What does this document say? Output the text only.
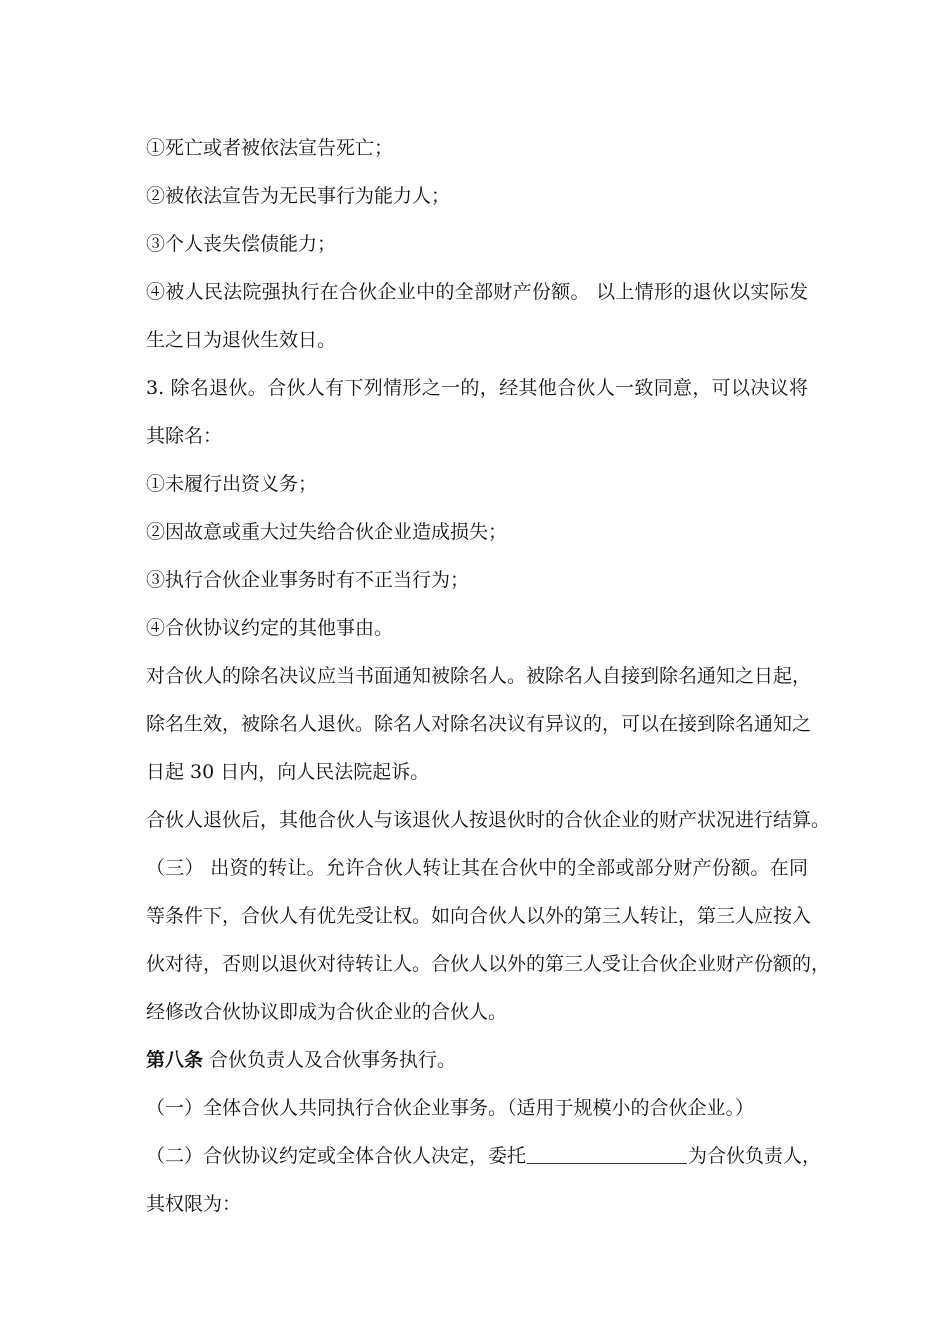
①死亡或者被依法宣告死亡；

②被依法宣告为无民事行为能力人；

③个人丧失偿债能力；

④被人民法院强执行在合伙企业中的全部财产份额。 以上情形的退伙以实际发

生之日为退伙生效日。

3. 除名退伙。合伙人有下列情形之一的，经其他合伙人一致同意，可以决议将

其除名：

①未履行出资义务；

②因故意或重大过失给合伙企业造成损失；

③执行合伙企业事务时有不正当行为；

④合伙协议约定的其他事由。

对合伙人的除名决议应当书面通知被除名人。被除名人自接到除名通知之日起，

除名生效，被除名人退伙。除名人对除名决议有异议的，可以在接到除名通知之

日起 30 日内，向人民法院起诉。

合伙人退伙后，其他合伙人与该退伙人按退伙时的合伙企业的财产状况进行结算。

（三） 出资的转让。允许合伙人转让其在合伙中的全部或部分财产份额。在同

等条件下，合伙人有优先受让权。如向合伙人以外的第三人转让，第三人应按入

伙对待，否则以退伙对待转让人。合伙人以外的第三人受让合伙企业财产份额的，

经修改合伙协议即成为合伙企业的合伙人。

第八条 合伙负责人及合伙事务执行。

（一）全体合伙人共同执行合伙企业事务。（适用于规模小的合伙企业。）

（二）合伙协议约定或全体合伙人决定，委托	为合伙负责人，

其权限为：
